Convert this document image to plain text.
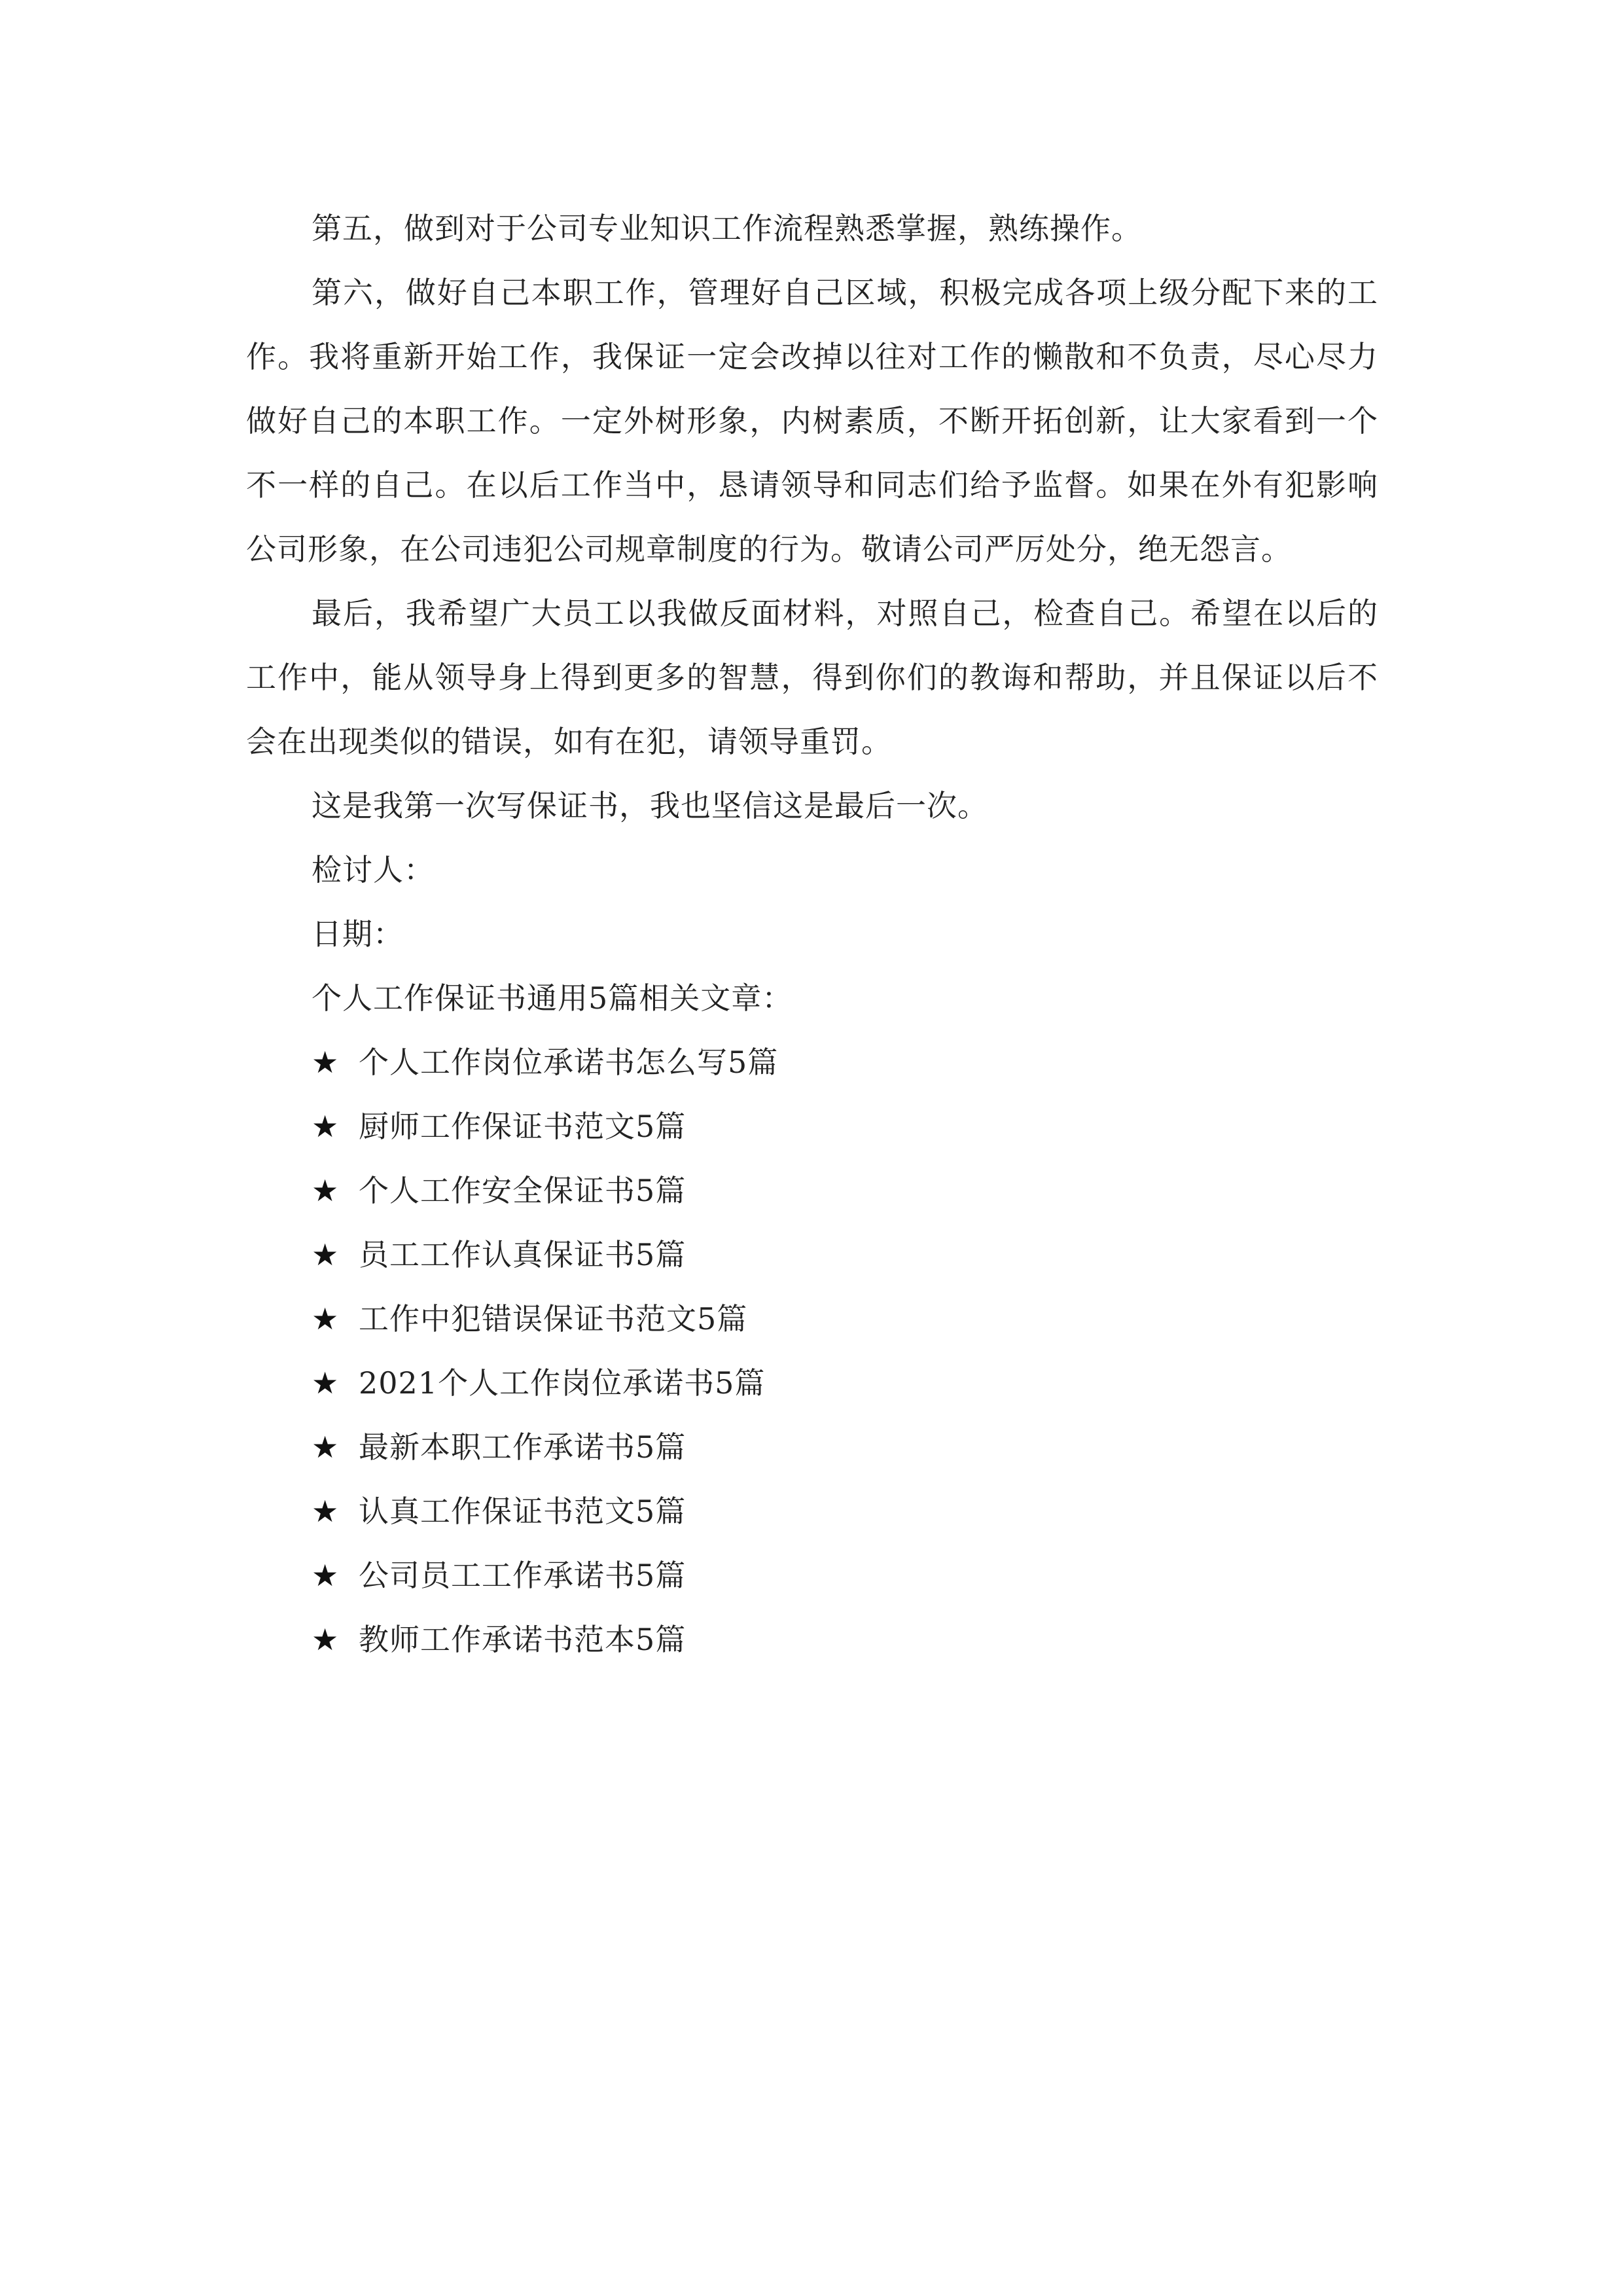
第五，做到对于公司专业知识工作流程熟悉掌握，熟练操作。

第六，做好自己本职工作，管理好自己区域，积极完成各项上级分配下来的工作。我将重新开始工作，我保证一定会改掉以往对工作的懒散和不负责，尽心尽力做好自己的本职工作。一定外树形象，内树素质，不断开拓创新，让大家看到一个不一样的自己。在以后工作当中，恳请领导和同志们给予监督。如果在外有犯影响公司形象，在公司违犯公司规章制度的行为。敬请公司严厉处分，绝无怨言。

最后，我希望广大员工以我做反面材料，对照自己，检查自己。希望在以后的工作中，能从领导身上得到更多的智慧，得到你们的教诲和帮助，并且保证以后不会在出现类似的错误，如有在犯，请领导重罚。

这是我第一次写保证书，我也坚信这是最后一次。

检讨人：

日期：

个人工作保证书通用5篇相关文章：

★ 个人工作岗位承诺书怎么写5篇
★ 厨师工作保证书范文5篇
★ 个人工作安全保证书5篇
★ 员工工作认真保证书5篇
★ 工作中犯错误保证书范文5篇
★ 2021个人工作岗位承诺书5篇
★ 最新本职工作承诺书5篇
★ 认真工作保证书范文5篇
★ 公司员工工作承诺书5篇
★ 教师工作承诺书范本5篇
